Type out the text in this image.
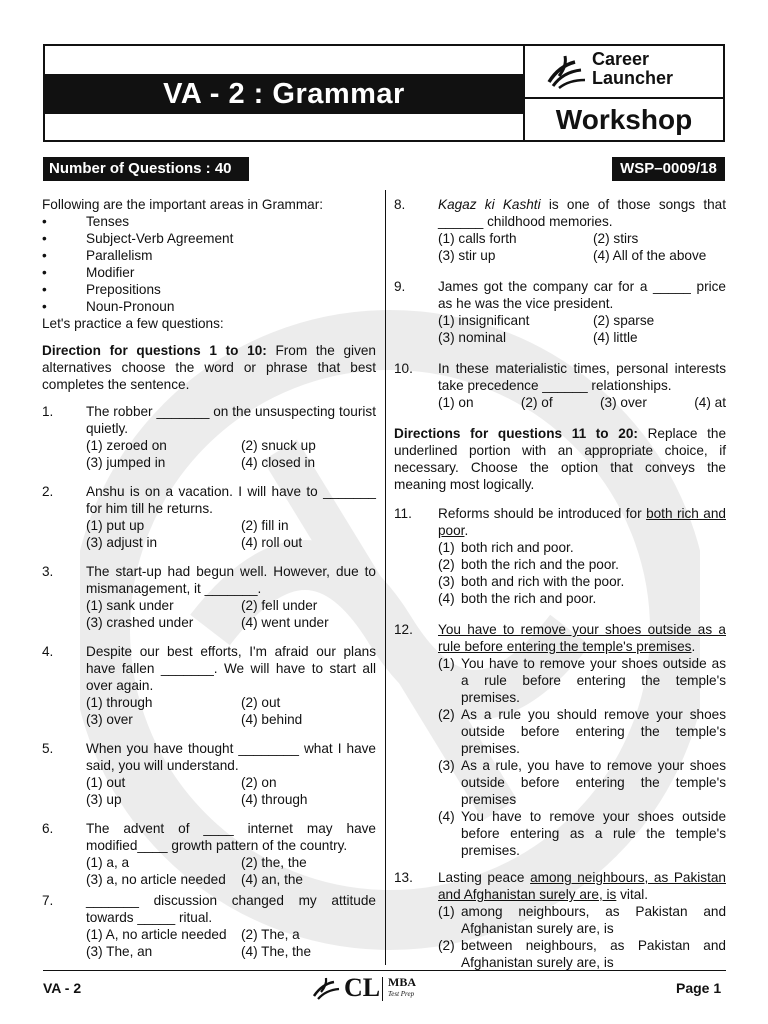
VA - 2 : Grammar
Career
Launcher
Workshop
Number of Questions : 40	WSP–0009/18

Following are the important areas in Grammar:

• Tenses
• Subject-Verb Agreement
• Parallelism
• Modifier
• Prepositions
• Noun-Pronoun

Let's practice a few questions:

Direction for questions 1 to 10: From the given alternatives choose the word or phrase that best completes the sentence.

1.	The robber _______ on the unsuspecting tourist quietly.

(1) zeroed on	(2) snuck up
(3) jumped in	(4) closed in
2.	Anshu is on a vacation. I will have to _______ for him till he returns.

(1) put up	(2) fill in
(3) adjust in	(4) roll out
3.	The start-up had begun well. However, due to mismanagement, it _______.

(1) sank under	(2) fell under
(3) crashed under	(4) went under
4.	Despite our best efforts, I'm afraid our plans have fallen _______. We will have to start all over again.

(1) through	(2) out
(3) over	(4) behind
5.	When you have thought ________ what I have said, you will understand.

(1) out	(2) on
(3) up	(4) through
6.	The advent of ____ internet may have modified____ growth pattern of the country.

(1) a, a	(2) the, the
(3) a, no article needed	(4) an, the
7.	_______ discussion changed my attitude towards _____ ritual.

(1) A, no article needed	(2) The, a
(3) The, an	(4) The, the
8.	Kagaz ki Kashti is one of those songs that ______ childhood memories.

(1) calls forth	(2) stirs
(3) stir up	(4) All of the above
9.	James got the company car for a _____ price as he was the vice president.

(1) insignificant	(2) sparse
(3) nominal	(4) little
10.	In these materialistic times, personal interests take precedence ______ relationships.

(1) on	(2) of	(3) over	(4) at

Directions for questions 11 to 20: Replace the underlined portion with an appropriate choice, if necessary. Choose the option that conveys the meaning most logically.

11.	Reforms should be introduced for both rich and poor.

(1) both rich and poor.
(2) both the rich and the poor.
(3) both and rich with the poor.
(4) both the rich and poor.
12.	You have to remove your shoes outside as a rule before entering the temple's premises.

(1) You have to remove your shoes outside as a rule before entering the temple's premises.
(2) As a rule you should remove your shoes outside before entering the temple's premises.
(3) As a rule, you have to remove your shoes outside before entering the temple's premises
(4) You have to remove your shoes outside before entering as a rule the temple's premises.
13.	Lasting peace among neighbours, as Pakistan and Afghanistan surely are, is vital.

(1) among neighbours, as Pakistan and Afghanistan surely are, is
(2) between neighbours, as Pakistan and Afghanistan surely are, is
VA - 2	CL MBA
Test Prep	Page 1
